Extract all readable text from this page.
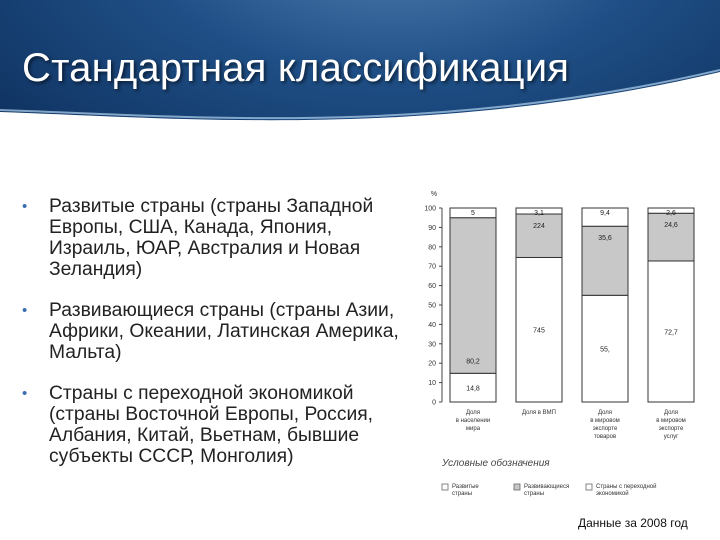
Стандартная классификация
• Развитые страны (страны Западной Европы, США, Канада, Япония, Израиль, ЮАР, Австралия и Новая Зеландия)
• Развивающиеся страны (страны Азии, Африки, Океании, Латинская Америка, Мальта)
• Страны с переходной экономикой (страны Восточной Европы, Россия, Албания, Китай, Вьетнам, бывшие субъекты СССР, Монголия)
%
0
10
20
30
40
50
60
70
80
90
100
14,8
80,2
5
Доля
в населении
мира
745
224
3,1
Доля в ВМП
55,
35,6
9,4
Доля
в мировом
экспорте
товаров
72,7
24,6
2,6
Доля
в мировом
экспорте
услуг
Условные обозначения
Развитые
страны
Развивающиеся
страны
Страны с переходной
экономикой
Данные за 2008 год
